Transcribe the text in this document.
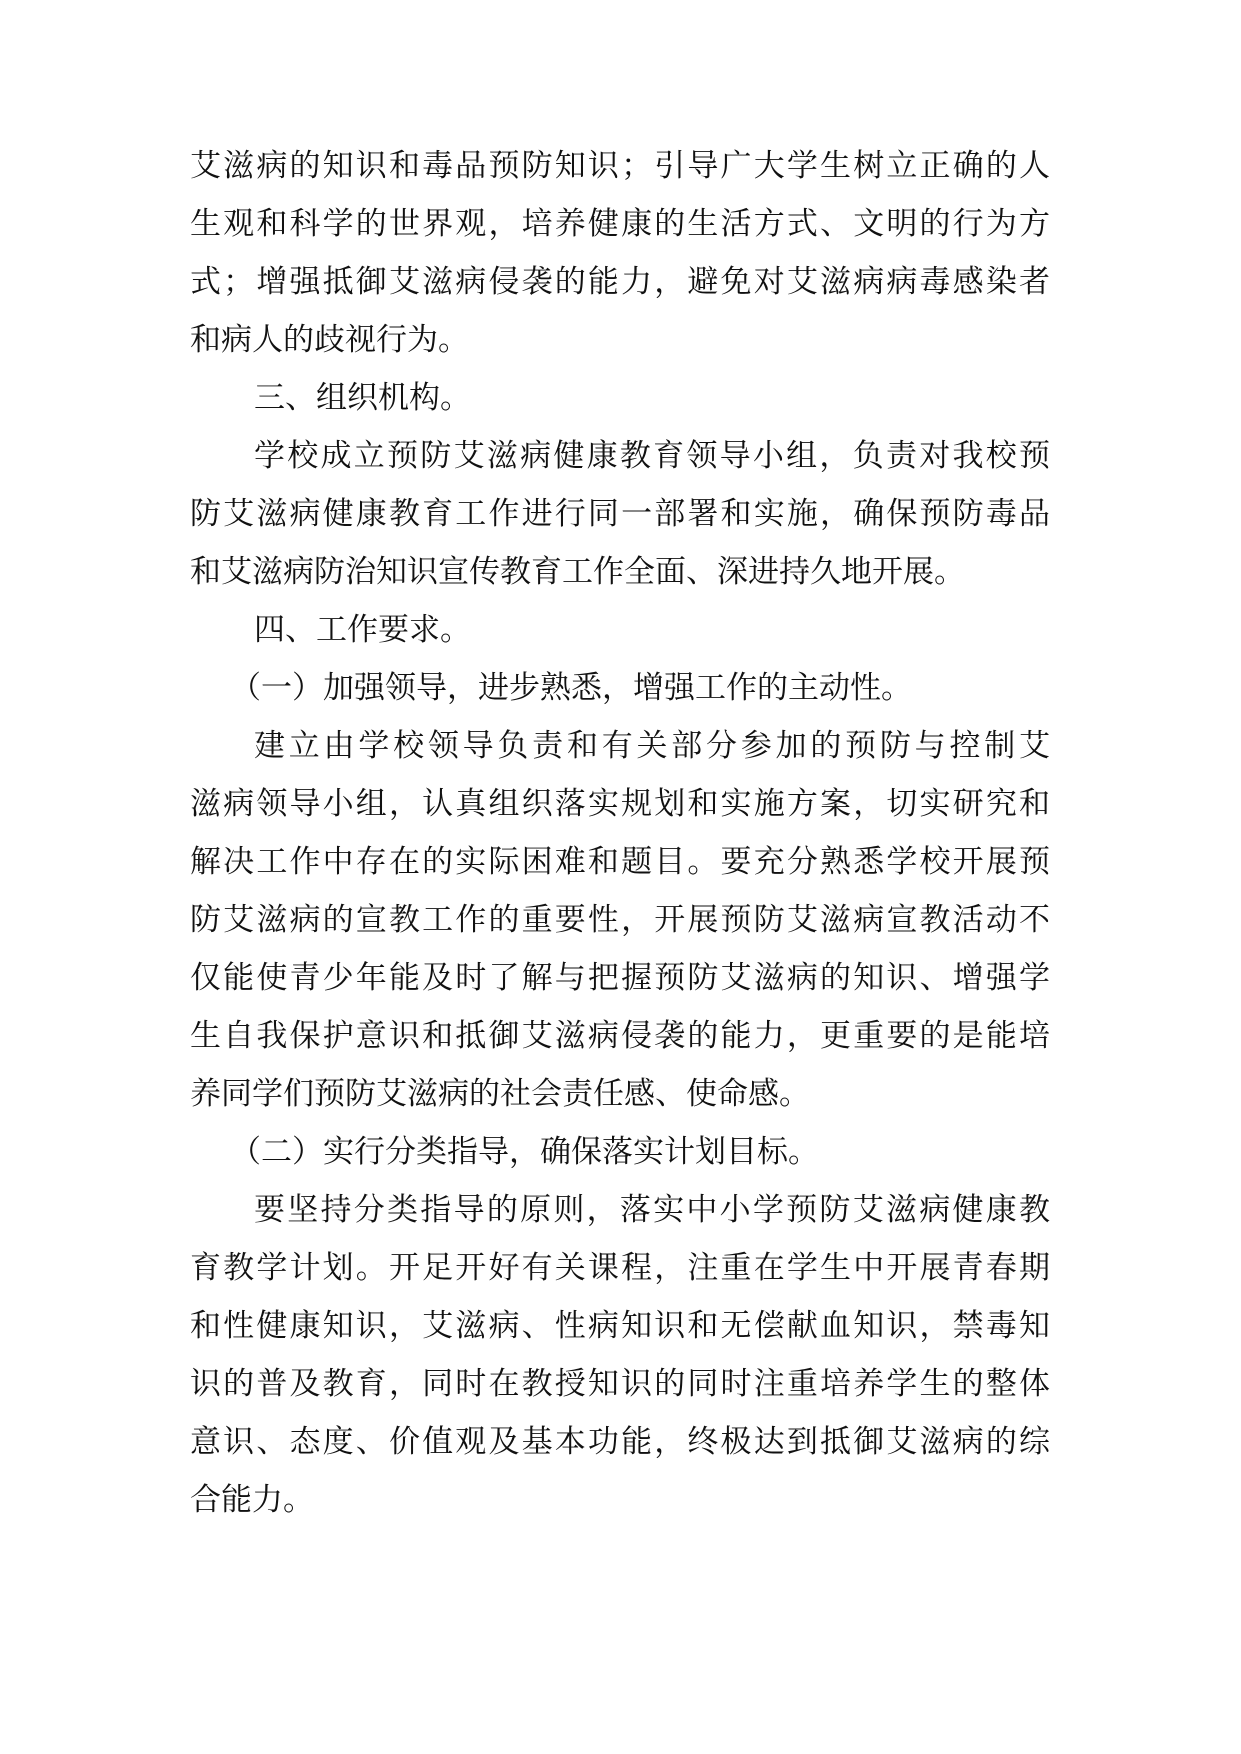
艾滋病的知识和毒品预防知识；引导广大学生树立正确的人
生观和科学的世界观，培养健康的生活方式、文明的行为方
式；增强抵御艾滋病侵袭的能力，避免对艾滋病病毒感染者
和病人的歧视行为。
三、组织机构。
学校成立预防艾滋病健康教育领导小组，负责对我校预
防艾滋病健康教育工作进行同一部署和实施，确保预防毒品
和艾滋病防治知识宣传教育工作全面、深进持久地开展。
四、工作要求。
（一）加强领导，进步熟悉，增强工作的主动性。
建立由学校领导负责和有关部分参加的预防与控制艾
滋病领导小组，认真组织落实规划和实施方案，切实研究和
解决工作中存在的实际困难和题目。要充分熟悉学校开展预
防艾滋病的宣教工作的重要性，开展预防艾滋病宣教活动不
仅能使青少年能及时了解与把握预防艾滋病的知识、增强学
生自我保护意识和抵御艾滋病侵袭的能力，更重要的是能培
养同学们预防艾滋病的社会责任感、使命感。
（二）实行分类指导，确保落实计划目标。
要坚持分类指导的原则，落实中小学预防艾滋病健康教
育教学计划。开足开好有关课程，注重在学生中开展青春期
和性健康知识，艾滋病、性病知识和无偿献血知识，禁毒知
识的普及教育，同时在教授知识的同时注重培养学生的整体
意识、态度、价值观及基本功能，终极达到抵御艾滋病的综
合能力。
